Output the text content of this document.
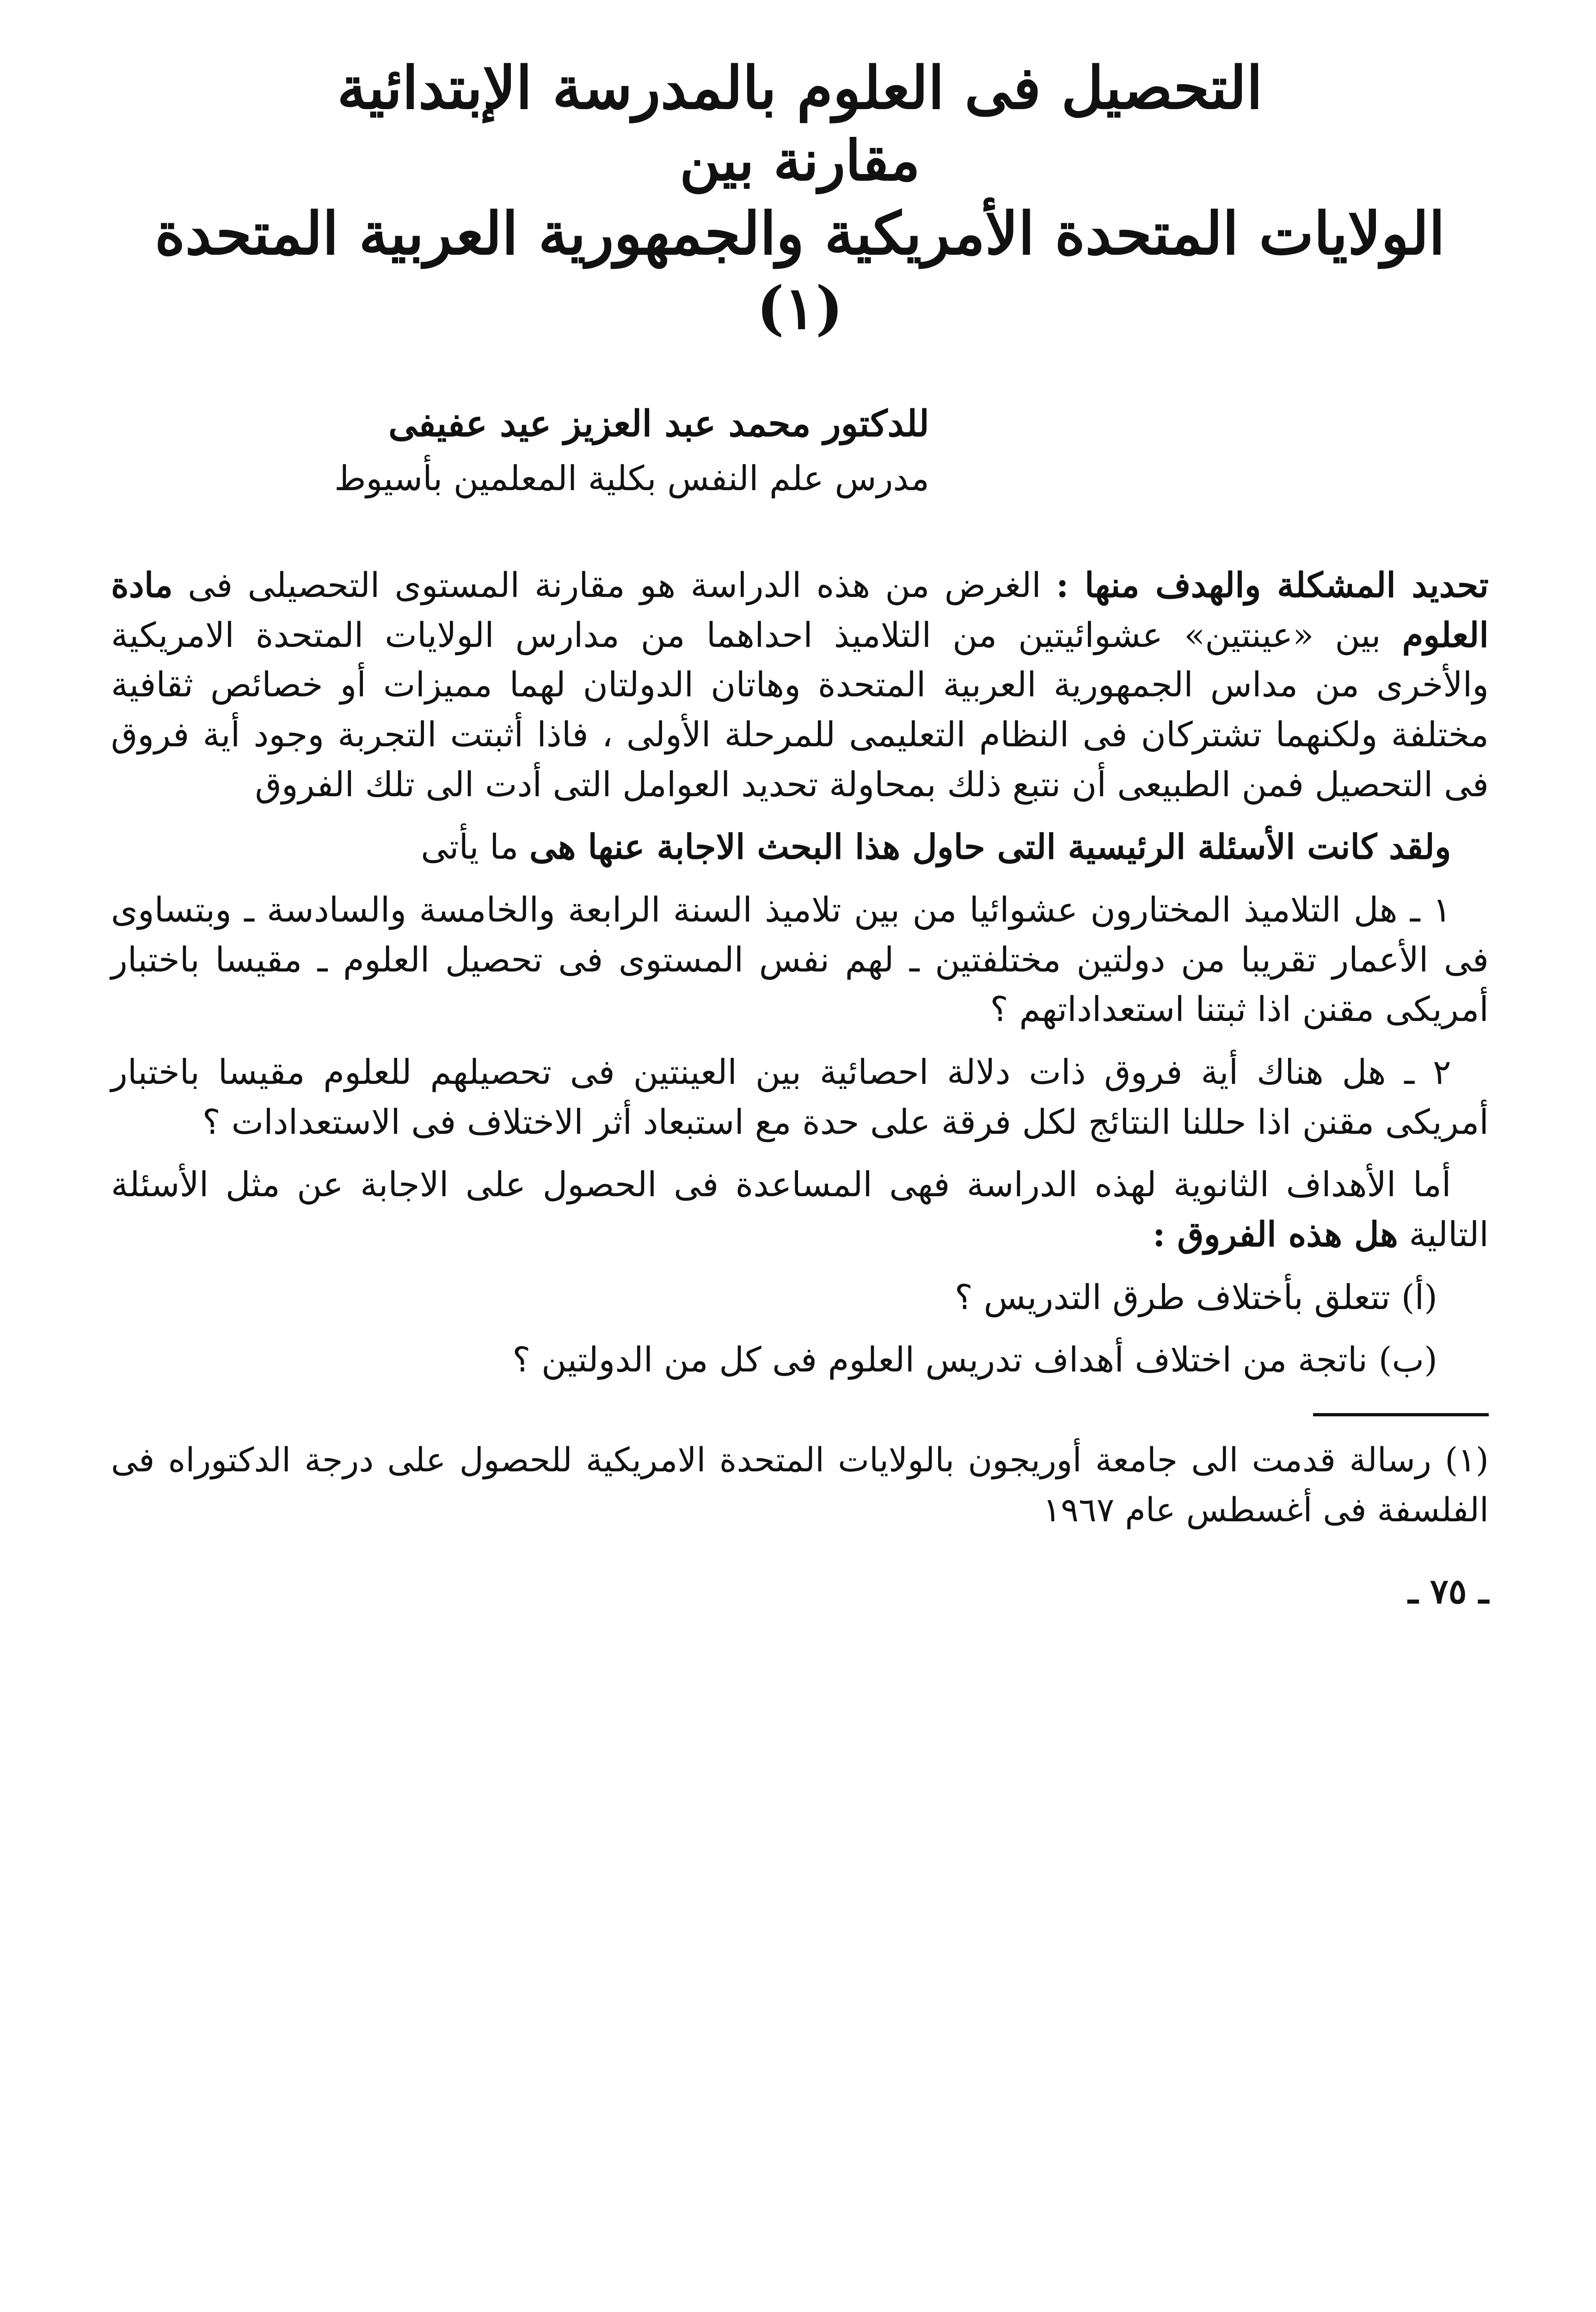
التحصيل فى العلوم بالمدرسة الإبتدائية
مقارنة بين
الولايات المتحدة الأمريكية والجمهورية العربية المتحدة (١)

للدكتور محمد عبد العزيز عيد عفيفى

مدرس علم النفس بكلية المعلمين بأسيوط

تحديد المشكلة والهدف منها : الغرض من هذه الدراسة هو مقارنة المستوى التحصيلى فى مادة العلوم بين «عينتين» عشوائيتين من التلاميذ احداهما من مدارس الولايات المتحدة الامريكية والأخرى من مداس الجمهورية العربية المتحدة وهاتان الدولتان لهما مميزات أو خصائص ثقافية مختلفة ولكنهما تشتركان فى النظام التعليمى للمرحلة الأولى ، فاذا أثبتت التجربة وجود أية فروق فى التحصيل فمن الطبيعى أن نتبع ذلك بمحاولة تحديد العوامل التى أدت الى تلك الفروق

ولقد كانت الأسئلة الرئيسية التى حاول هذا البحث الاجابة عنها هى ما يأتى

١ ـ هل التلاميذ المختارون عشوائيا من بين تلاميذ السنة الرابعة والخامسة والسادسة ـ وبتساوى فى الأعمار تقريبا من دولتين مختلفتين ـ لهم نفس المستوى فى تحصيل العلوم ـ مقيسا باختبار أمريكى مقنن اذا ثبتنا استعداداتهم ؟

٢ ـ هل هناك أية فروق ذات دلالة احصائية بين العينتين فى تحصيلهم للعلوم مقيسا باختبار أمريكى مقنن اذا حللنا النتائج لكل فرقة على حدة مع استبعاد أثر الاختلاف فى الاستعدادات ؟

أما الأهداف الثانوية لهذه الدراسة فهى المساعدة فى الحصول على الاجابة عن مثل الأسئلة التالية هل هذه الفروق :

(أ) تتعلق بأختلاف طرق التدريس ؟

(ب) ناتجة من اختلاف أهداف تدريس العلوم فى كل من الدولتين ؟

(١) رسالة قدمت الى جامعة أوريجون بالولايات المتحدة الامريكية للحصول على درجة الدكتوراه فى الفلسفة فى أغسطس عام ١٩٦٧

ـ ٧٥ ـ
